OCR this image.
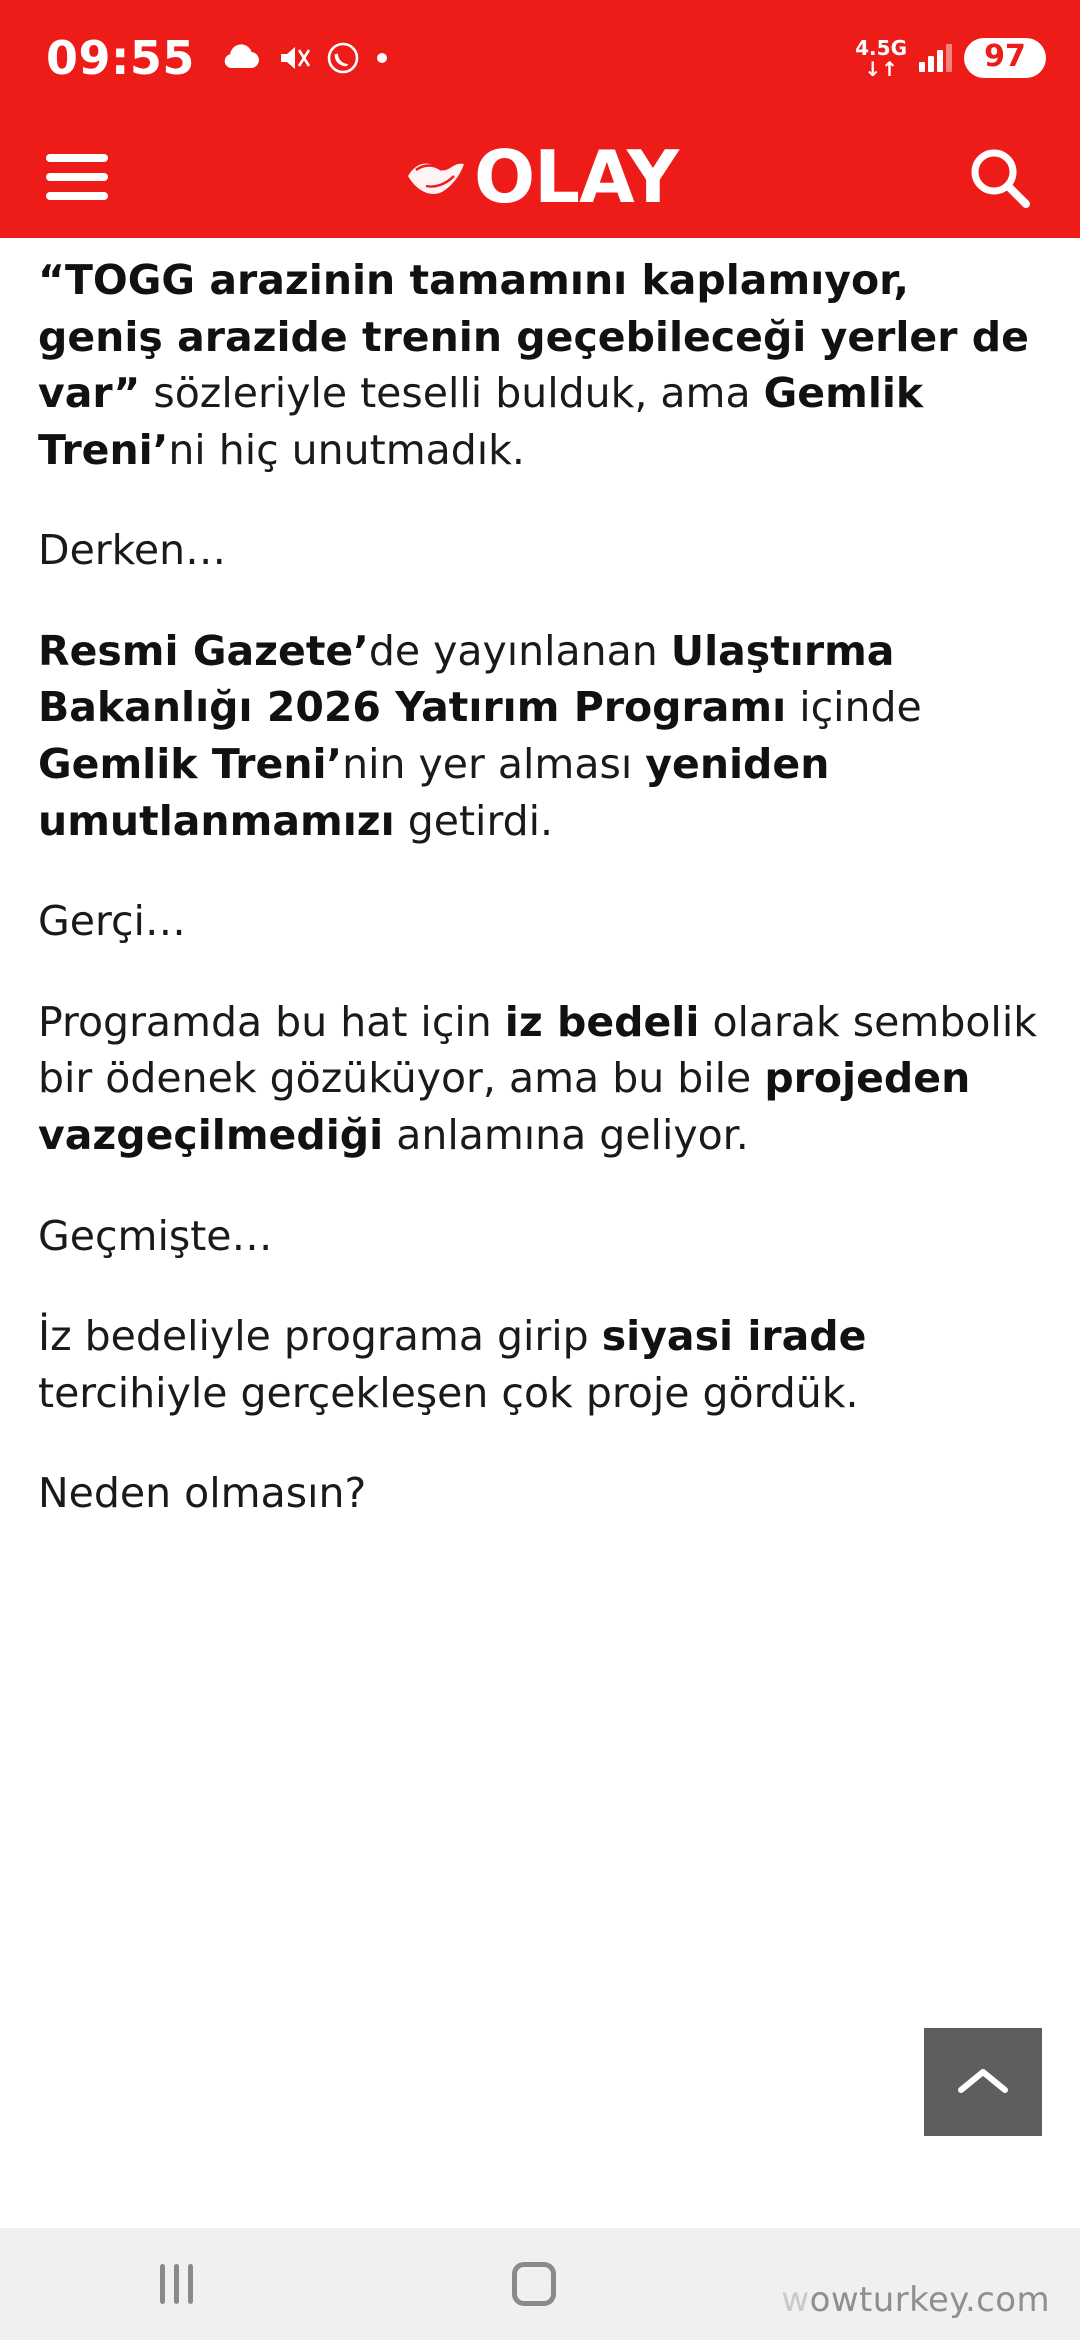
09:55	4.5G
↓↑	97
OLAY

“TOGG arazinin tamamını kaplamıyor, geniş arazide trenin geçebileceği yerler de var” sözleriyle teselli bulduk, ama Gemlik Treni’ni hiç unutmadık.

Derken…

Resmi Gazete’de yayınlanan Ulaştırma Bakanlığı 2026 Yatırım Programı içinde Gemlik Treni’nin yer alması yeniden umutlanmamızı getirdi.

Gerçi…

Programda bu hat için iz bedeli olarak sembolik bir ödenek gözüküyor, ama bu bile projeden vazgeçilmediği anlamına geliyor.

Geçmişte…

İz bedeliyle programa girip siyasi irade tercihiyle gerçekleşen çok proje gördük.

Neden olmasın?

wowturkey.com
